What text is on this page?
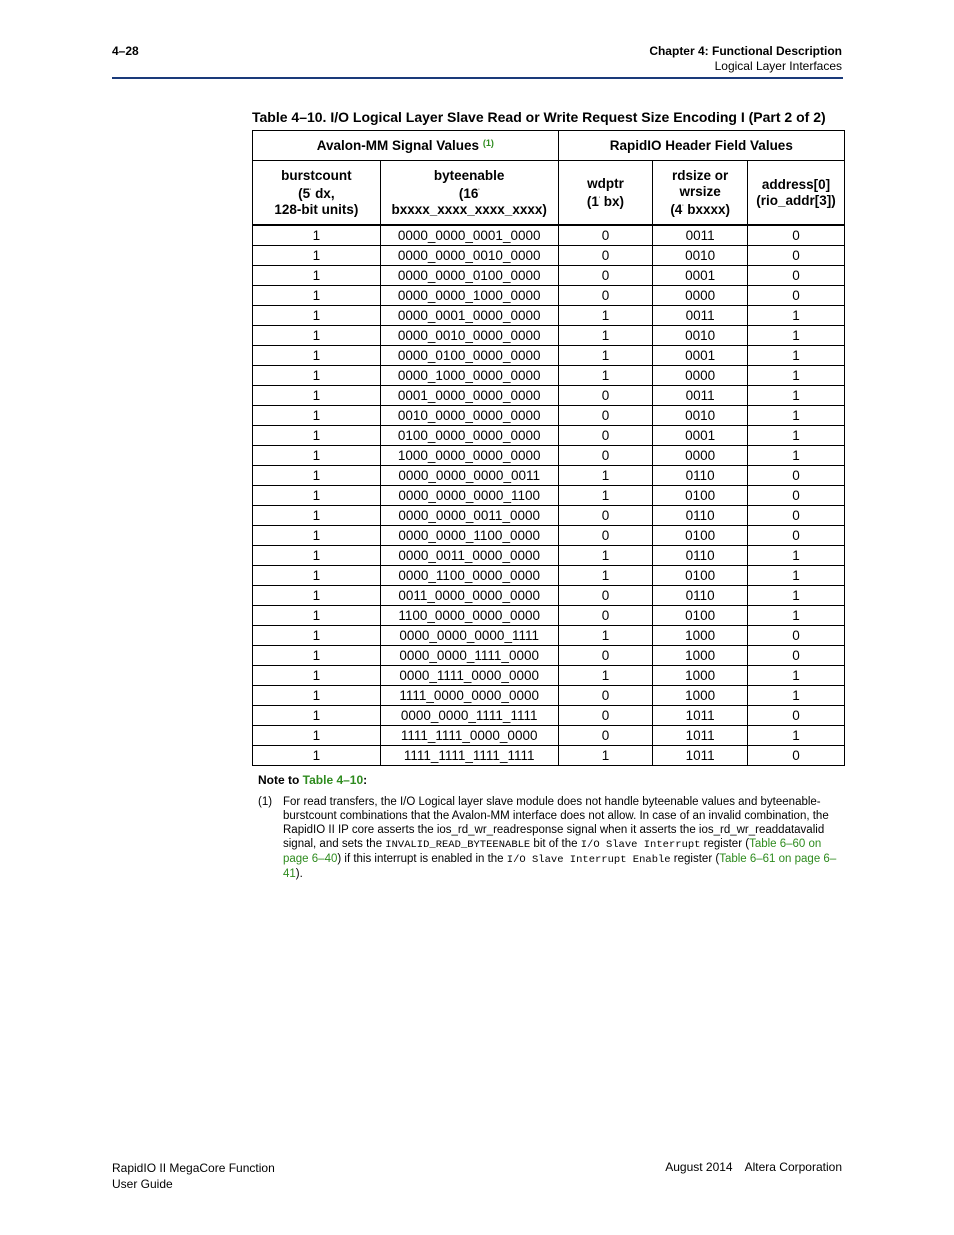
4–28	Chapter 4: Functional Description
Logical Layer Interfaces
Table 4–10. I/O Logical Layer Slave Read or Write Request Size Encoding I (Part 2 of 2)
Avalon-MM Signal Values $^{(1)}$		RapidIO Header Field Values		
burstcount
(5' dx,
128-bit units)	byteenable
(16' bxxxx_xxxx_xxxx_xxxx)	wdptr
(1' bx)	rdsize or
wrsize
(4' bxxxx)	address[0]
(rio_addr[3])
1	0000_0000_0001_0000	0	0011	0
1	0000_0000_0010_0000	0	0010	0
1	0000_0000_0100_0000	0	0001	0
1	0000_0000_1000_0000	0	0000	0
1	0000_0001_0000_0000	1	0011	1
1	0000_0010_0000_0000	1	0010	1
1	0000_0100_0000_0000	1	0001	1
1	0000_1000_0000_0000	1	0000	1
1	0001_0000_0000_0000	0	0011	1
1	0010_0000_0000_0000	0	0010	1
1	0100_0000_0000_0000	0	0001	1
1	1000_0000_0000_0000	0	0000	1
1	0000_0000_0000_0011	1	0110	0
1	0000_0000_0000_1100	1	0100	0
1	0000_0000_0011_0000	0	0110	0
1	0000_0000_1100_0000	0	0100	0
1	0000_0011_0000_0000	1	0110	1
1	0000_1100_0000_0000	1	0100	1
1	0011_0000_0000_0000	0	0110	1
1	1100_0000_0000_0000	0	0100	1
1	0000_0000_0000_1111	1	1000	0
1	0000_0000_1111_0000	0	1000	0
1	0000_1111_0000_0000	1	1000	1
1	1111_0000_0000_0000	0	1000	1
1	0000_0000_1111_1111	0	1011	0
1	1111_1111_0000_0000	0	1011	1
1	1111_1111_1111_1111	1	1011	0
Note to Table 4–10:
(1) For read transfers, the I/O Logical layer slave module does not handle byteenable values and byteenable-burstcount combinations that the Avalon-MM interface does not allow. In case of an invalid combination, the RapidIO II IP core asserts the ios_rd_wr_readresponse signal when it asserts the ios_rd_wr_readdatavalid signal, and sets the INVALID_READ_BYTEENABLE bit of the I/O Slave Interrupt register (Table 6–60 on page 6–40) if this interrupt is enabled in the I/O Slave Interrupt Enable register (Table 6–61 on page 6–41).
RapidIO II MegaCore Function
User Guide
August 2014 Altera Corporation
